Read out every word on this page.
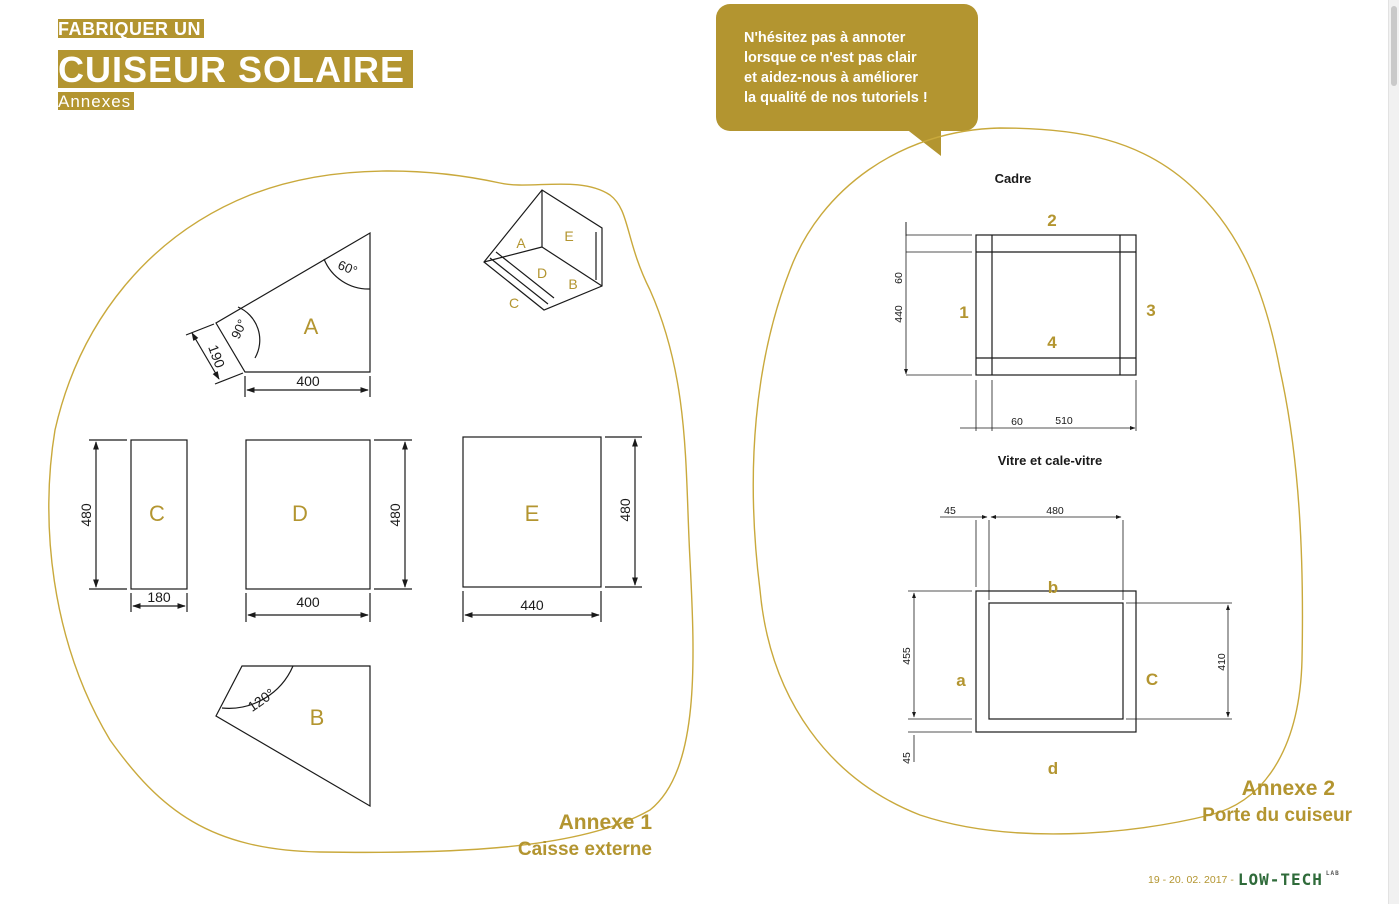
FABRIQUER UN
CUISEUR SOLAIRE
Annexes
N'hésitez pas à annoter
lorsque ce n'est pas clair
et aidez-nous à améliorer
la qualité de nos tutoriels !
A
C	D	E
B
A	E
D
B
C
400
190
60°
90°
480
180
480
400
480
440
120°
Annexe 1
Caisse externe
Cadre
2
1	3
4
60
440
60	510
Vitre et cale-vitre
b
a	C
d
45	480
455	410
45
Annexe 2
Porte du cuiseur
19 - 20. 02. 2017 - LOW-TECH LAB
